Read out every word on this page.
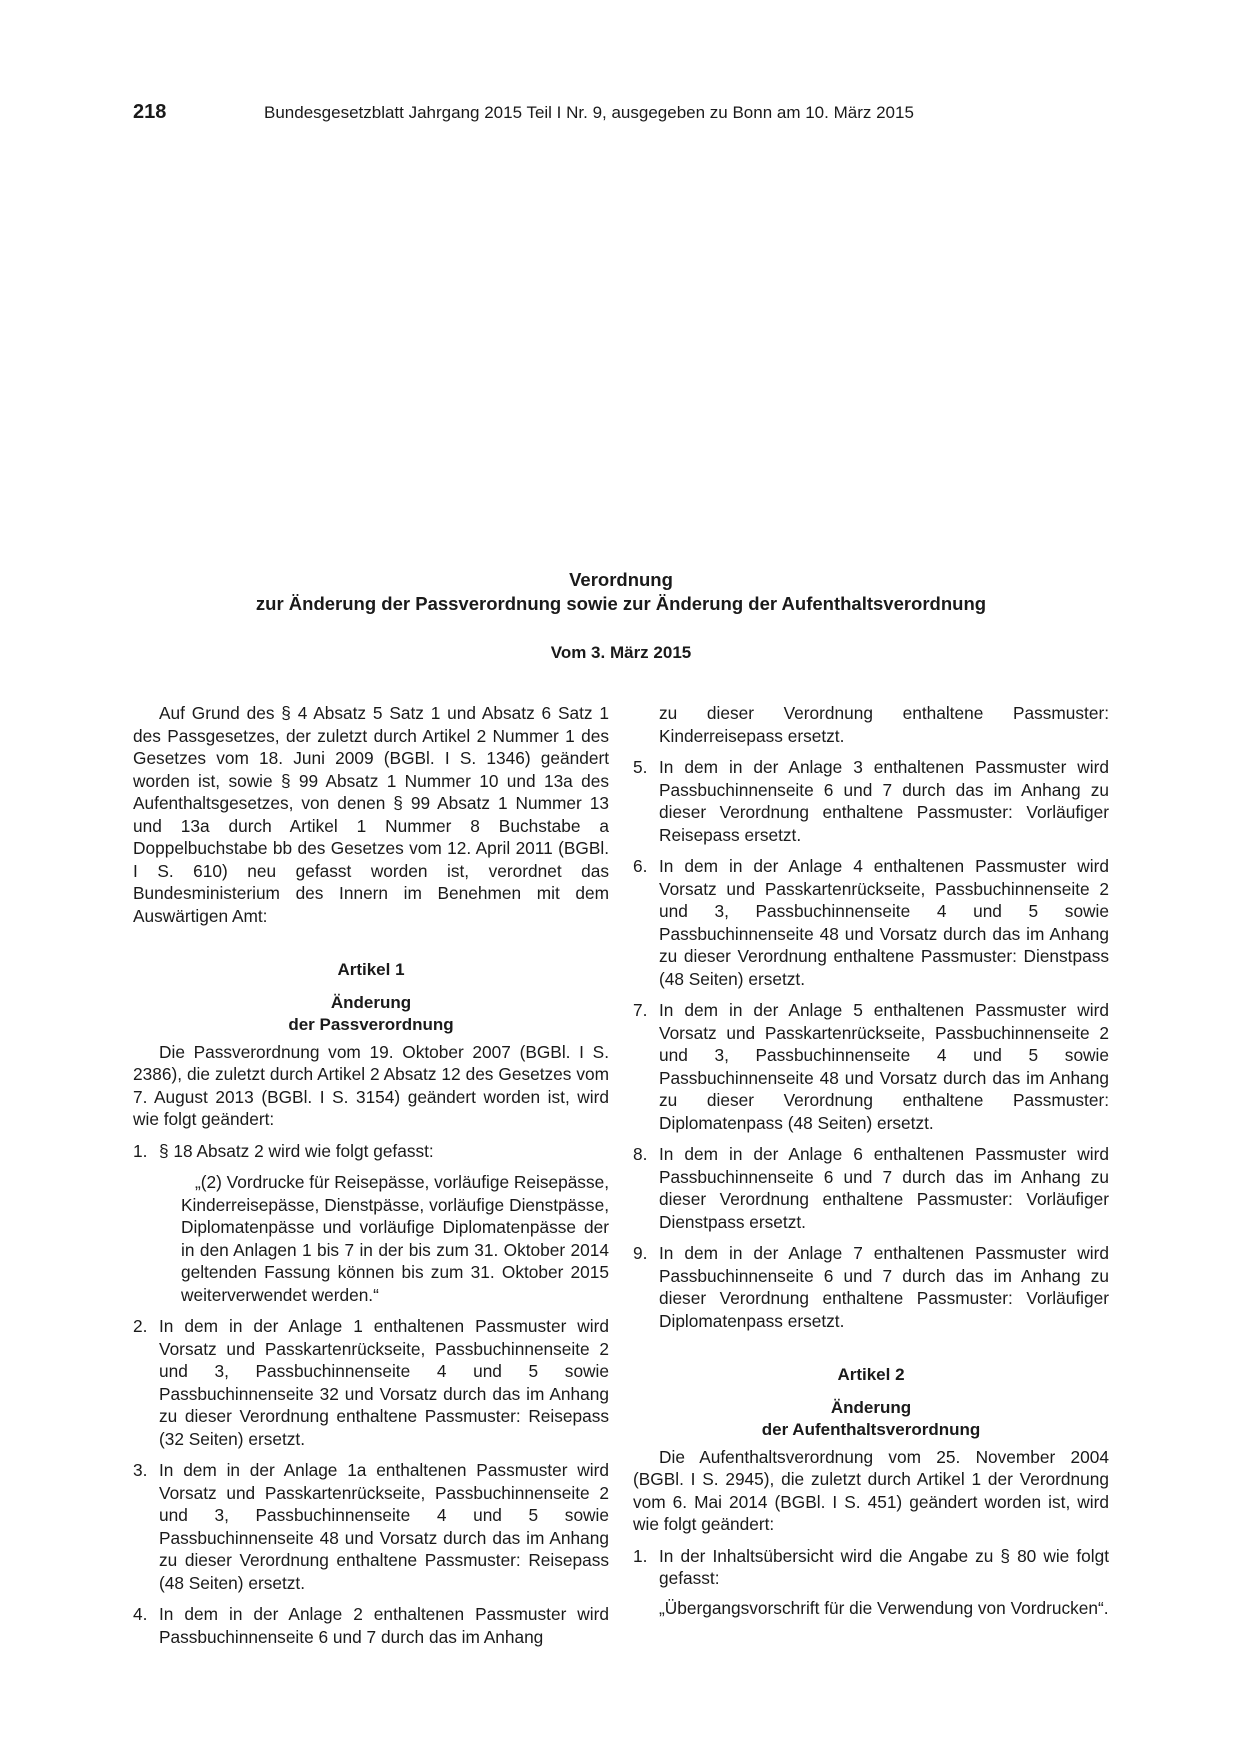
218	Bundesgesetzblatt Jahrgang 2015 Teil I Nr. 9, ausgegeben zu Bonn am 10. März 2015
Verordnung
zur Änderung der Passverordnung sowie zur Änderung der Aufenthaltsverordnung
Vom 3. März 2015

Auf Grund des § 4 Absatz 5 Satz 1 und Absatz 6 Satz 1 des Passgesetzes, der zuletzt durch Artikel 2 Nummer 1 des Gesetzes vom 18. Juni 2009 (BGBl. I S. 1346) geändert worden ist, sowie § 99 Absatz 1 Nummer 10 und 13a des Aufenthaltsgesetzes, von denen § 99 Absatz 1 Nummer 13 und 13a durch Artikel 1 Nummer 8 Buchstabe a Doppelbuchstabe bb des Gesetzes vom 12. April 2011 (BGBl. I S. 610) neu gefasst worden ist, verordnet das Bundesministerium des Innern im Benehmen mit dem Auswärtigen Amt:

Artikel 1
Änderung
der Passverordnung

Die Passverordnung vom 19. Oktober 2007 (BGBl. I S. 2386), die zuletzt durch Artikel 2 Absatz 12 des Gesetzes vom 7. August 2013 (BGBl. I S. 3154) geändert worden ist, wird wie folgt geändert:

1. § 18 Absatz 2 wird wie folgt gefasst:

„(2) Vordrucke für Reisepässe, vorläufige Reisepässe, Kinderreisepässe, Dienstpässe, vorläufige Dienstpässe, Diplomatenpässe und vorläufige Diplomatenpässe der in den Anlagen 1 bis 7 in der bis zum 31. Oktober 2014 geltenden Fassung können bis zum 31. Oktober 2015 weiterverwendet werden.“

2. In dem in der Anlage 1 enthaltenen Passmuster wird Vorsatz und Passkartenrückseite, Passbuchinnenseite 2 und 3, Passbuchinnenseite 4 und 5 sowie Passbuchinnenseite 32 und Vorsatz durch das im Anhang zu dieser Verordnung enthaltene Passmuster: Reisepass (32 Seiten) ersetzt.
3. In dem in der Anlage 1a enthaltenen Passmuster wird Vorsatz und Passkartenrückseite, Passbuchinnenseite 2 und 3, Passbuchinnenseite 4 und 5 sowie Passbuchinnenseite 48 und Vorsatz durch das im Anhang zu dieser Verordnung enthaltene Passmuster: Reisepass (48 Seiten) ersetzt.
4. In dem in der Anlage 2 enthaltenen Passmuster wird Passbuchinnenseite 6 und 7 durch das im Anhang

zu dieser Verordnung enthaltene Passmuster: Kinderreisepass ersetzt.

5. In dem in der Anlage 3 enthaltenen Passmuster wird Passbuchinnenseite 6 und 7 durch das im Anhang zu dieser Verordnung enthaltene Passmuster: Vorläufiger Reisepass ersetzt.
6. In dem in der Anlage 4 enthaltenen Passmuster wird Vorsatz und Passkartenrückseite, Passbuchinnenseite 2 und 3, Passbuchinnenseite 4 und 5 sowie Passbuchinnenseite 48 und Vorsatz durch das im Anhang zu dieser Verordnung enthaltene Passmuster: Dienstpass (48 Seiten) ersetzt.
7. In dem in der Anlage 5 enthaltenen Passmuster wird Vorsatz und Passkartenrückseite, Passbuchinnenseite 2 und 3, Passbuchinnenseite 4 und 5 sowie Passbuchinnenseite 48 und Vorsatz durch das im Anhang zu dieser Verordnung enthaltene Passmuster: Diplomatenpass (48 Seiten) ersetzt.
8. In dem in der Anlage 6 enthaltenen Passmuster wird Passbuchinnenseite 6 und 7 durch das im Anhang zu dieser Verordnung enthaltene Passmuster: Vorläufiger Dienstpass ersetzt.
9. In dem in der Anlage 7 enthaltenen Passmuster wird Passbuchinnenseite 6 und 7 durch das im Anhang zu dieser Verordnung enthaltene Passmuster: Vorläufiger Diplomatenpass ersetzt.
Artikel 2
Änderung
der Aufenthaltsverordnung

Die Aufenthaltsverordnung vom 25. November 2004 (BGBl. I S. 2945), die zuletzt durch Artikel 1 der Verordnung vom 6. Mai 2014 (BGBl. I S. 451) geändert worden ist, wird wie folgt geändert:

1. In der Inhaltsübersicht wird die Angabe zu § 80 wie folgt gefasst:

„Übergangsvorschrift für die Verwendung von Vordrucken“.
